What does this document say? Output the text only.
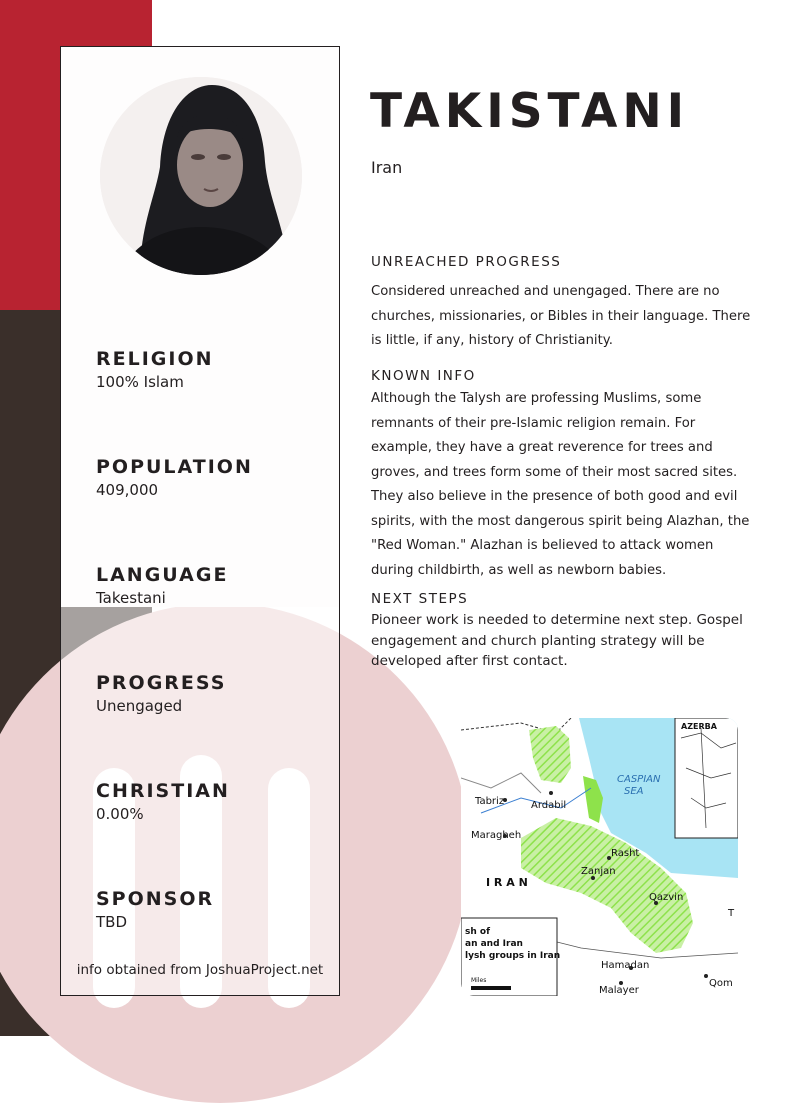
RELIGION
100% Islam
POPULATION
409,000
LANGUAGE
Takestani
PROGRESS
Unengaged
CHRISTIAN
0.00%
SPONSOR
TBD
info obtained from JoshuaProject.net
TAKISTANI
Iran
UNREACHED PROGRESS

Considered unreached and unengaged. There are no churches, missionaries, or Bibles in their language. There is little, if any, history of Christianity.

KNOWN INFO

Although the Talysh are professing Muslims, some remnants of their pre-Islamic religion remain. For example, they have a great reverence for trees and groves, and trees form some of their most sacred sites. They also believe in the presence of both good and evil spirits, with the most dangerous spirit being Alazhan, the "Red Woman." Alazhan is believed to attack women during childbirth, as well as newborn babies.

NEXT STEPS

Pioneer work is needed to determine next step. Gospel engagement and church planting strategy will be developed after first contact.

AZERBA
CASPIAN
SEA
Tabriz	Ardabil
Maragheh
Rasht
Zanjan
Qazvin
I R A N
T
sh of
an and Iran
lysh groups in Iran
Miles
Hamadan
Qom
Malayer
